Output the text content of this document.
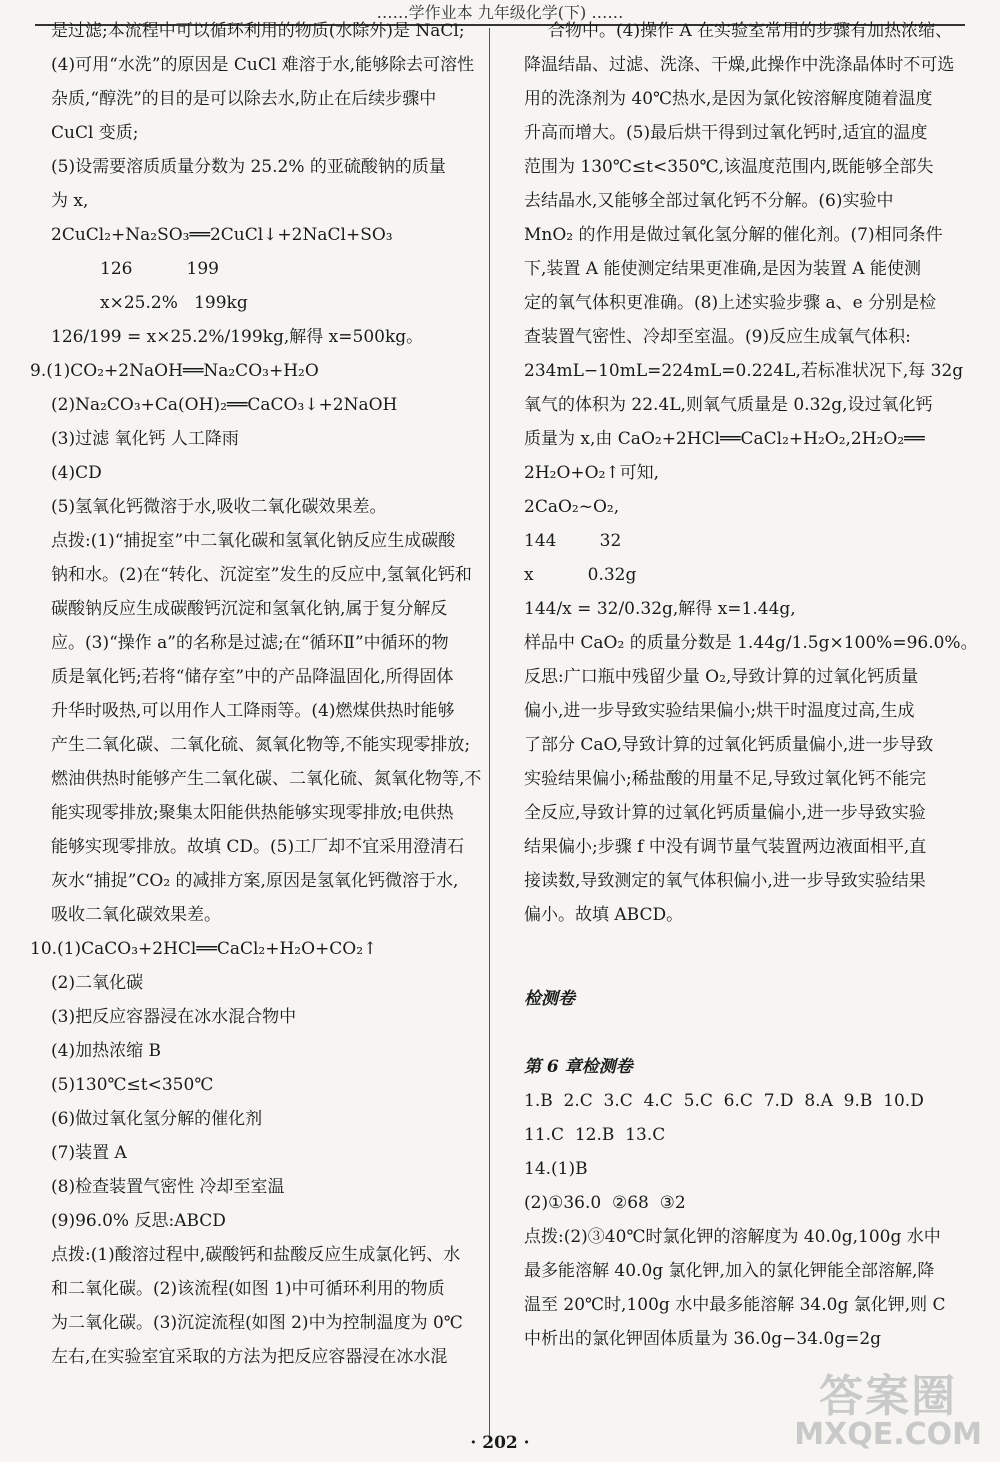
……学作业本 九年级化学(下) ……
是过滤;本流程中可以循环利用的物质(水除外)是 NaCl;
(4)可用“水洗”的原因是 CuCl 难溶于水,能够除去可溶性
杂质,“醇洗”的目的是可以除去水,防止在后续步骤中
CuCl 变质;
(5)设需要溶质质量分数为 25.2% 的亚硫酸钠的质量
为 x,
2CuCl₂+Na₂SO₃══2CuCl↓+2NaCl+SO₃
126          199
x×25.2%   199kg
126/199 = x×25.2%/199kg,解得 x=500kg。
9.(1)CO₂+2NaOH══Na₂CO₃+H₂O
(2)Na₂CO₃+Ca(OH)₂══CaCO₃↓+2NaOH
(3)过滤 氧化钙 人工降雨
(4)CD
(5)氢氧化钙微溶于水,吸收二氧化碳效果差。
点拨:(1)“捕捉室”中二氧化碳和氢氧化钠反应生成碳酸
钠和水。(2)在“转化、沉淀室”发生的反应中,氢氧化钙和
碳酸钠反应生成碳酸钙沉淀和氢氧化钠,属于复分解反
应。(3)“操作 a”的名称是过滤;在“循环Ⅱ”中循环的物
质是氧化钙;若将“储存室”中的产品降温固化,所得固体
升华时吸热,可以用作人工降雨等。(4)燃煤供热时能够
产生二氧化碳、二氧化硫、氮氧化物等,不能实现零排放;
燃油供热时能够产生二氧化碳、二氧化硫、氮氧化物等,不
能实现零排放;聚集太阳能供热能够实现零排放;电供热
能够实现零排放。故填 CD。(5)工厂却不宜采用澄清石
灰水“捕捉”CO₂ 的减排方案,原因是氢氧化钙微溶于水,
吸收二氧化碳效果差。
10.(1)CaCO₃+2HCl══CaCl₂+H₂O+CO₂↑
(2)二氧化碳
(3)把反应容器浸在冰水混合物中
(4)加热浓缩 B
(5)130℃≤t<350℃
(6)做过氧化氢分解的催化剂
(7)装置 A
(8)检查装置气密性 冷却至室温
(9)96.0% 反思:ABCD
点拨:(1)酸溶过程中,碳酸钙和盐酸反应生成氯化钙、水
和二氧化碳。(2)该流程(如图 1)中可循环利用的物质
为二氧化碳。(3)沉淀流程(如图 2)中为控制温度为 0℃
左右,在实验室宜采取的方法为把反应容器浸在冰水混
合物中。(4)操作 A 在实验室常用的步骤有加热浓缩、
降温结晶、过滤、洗涤、干燥,此操作中洗涤晶体时不可选
用的洗涤剂为 40℃热水,是因为氯化铵溶解度随着温度
升高而增大。(5)最后烘干得到过氧化钙时,适宜的温度
范围为 130℃≤t<350℃,该温度范围内,既能够全部失
去结晶水,又能够全部过氧化钙不分解。(6)实验中
MnO₂ 的作用是做过氧化氢分解的催化剂。(7)相同条件
下,装置 A 能使测定结果更准确,是因为装置 A 能使测
定的氧气体积更准确。(8)上述实验步骤 a、e 分别是检
查装置气密性、冷却至室温。(9)反应生成氧气体积:
234mL−10mL=224mL=0.224L,若标准状况下,每 32g
氧气的体积为 22.4L,则氧气质量是 0.32g,设过氧化钙
质量为 x,由 CaO₂+2HCl══CaCl₂+H₂O₂,2H₂O₂══
2H₂O+O₂↑可知,
2CaO₂~O₂,
144        32
x          0.32g
144/x = 32/0.32g,解得 x=1.44g,
样品中 CaO₂ 的质量分数是 1.44g/1.5g×100%=96.0%。
反思:广口瓶中残留少量 O₂,导致计算的过氧化钙质量
偏小,进一步导致实验结果偏小;烘干时温度过高,生成
了部分 CaO,导致计算的过氧化钙质量偏小,进一步导致
实验结果偏小;稀盐酸的用量不足,导致过氧化钙不能完
全反应,导致计算的过氧化钙质量偏小,进一步导致实验
结果偏小;步骤 f 中没有调节量气装置两边液面相平,直
接读数,导致测定的氧气体积偏小,进一步导致实验结果
偏小。故填 ABCD。
检测卷
第 6 章检测卷
1.B  2.C  3.C  4.C  5.C  6.C  7.D  8.A  9.B  10.D
11.C  12.B  13.C
14.(1)B
(2)①36.0  ②68  ③2
点拨:(2)③40℃时氯化钾的溶解度为 40.0g,100g 水中
最多能溶解 40.0g 氯化钾,加入的氯化钾能全部溶解,降
温至 20℃时,100g 水中最多能溶解 34.0g 氯化钾,则 C
中析出的氯化钾固体质量为 36.0g−34.0g=2g
· 202 ·
答案圈
MXQE.COM
